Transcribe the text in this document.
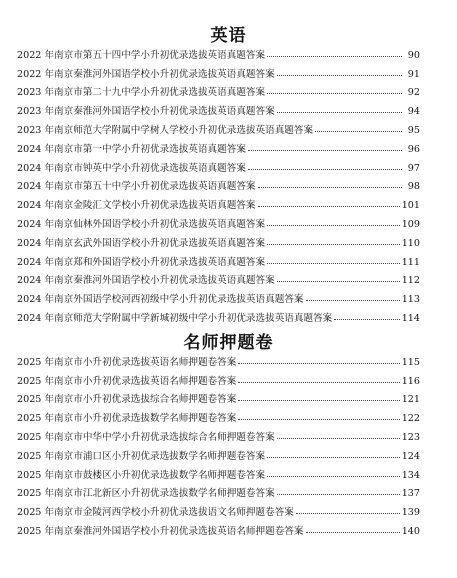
英语
2022 年南京市第五十四中学小升初优录选拔英语真题答案	90
2022 年南京秦淮河外国语学校小升初优录选拔英语真题答案	91
2023 年南京市第二十九中学小升初优录选拔英语真题答案	92
2023 年南京秦淮河外国语学校小升初优录选拔英语真题答案	94
2023 年南京师范大学附属中学树人学校小升初优录选拔英语真题答案	95
2024 年南京市第一中学小升初优录选拔英语真题答案	96
2024 年南京市钟英中学小升初优录选拔英语真题答案	97
2024 年南京市第五十中学小升初优录选拔英语真题答案	98
2024 年南京金陵汇文学校小升初优录选拔英语真题答案	101
2024 年南京仙林外国语学校小升初优录选拔英语真题答案	109
2024 年南京玄武外国语学校小升初优录选拔英语真题答案	110
2024 年南京郑和外国语学校小升初优录选拔英语真题答案	111
2024 年南京秦淮河外国语学校小升初优录选拔英语真题答案	112
2024 年南京外国语学校河西初级中学小升初优录选拔英语真题答案	113
2024 年南京师范大学附属中学新城初级中学小升初优录选拔英语真题答案	114
名师押题卷
2025 年南京市小升初优录选拔英语名师押题卷答案	115
2025 年南京市小升初优录选拔英语名师押题卷答案	116
2025 年南京市小升初优录选拔综合名师押题卷答案	121
2025 年南京市小升初优录选拔数学名师押题卷答案	122
2025 年南京市中华中学小升初优录选拔综合名师押题卷答案	123
2025 年南京市浦口区小升初优录选拔数学名师押题卷答案	124
2025 年南京市鼓楼区小升初优录选拔数学名师押题卷答案	134
2025 年南京市江北新区小升初优录选拔数学名师押题卷答案	137
2025 年南京市金陵河西学校小升初优录选拔语文名师押题卷答案	139
2025 年南京秦淮河外国语学校小升初优录选拔英语名师押题卷答案	140
